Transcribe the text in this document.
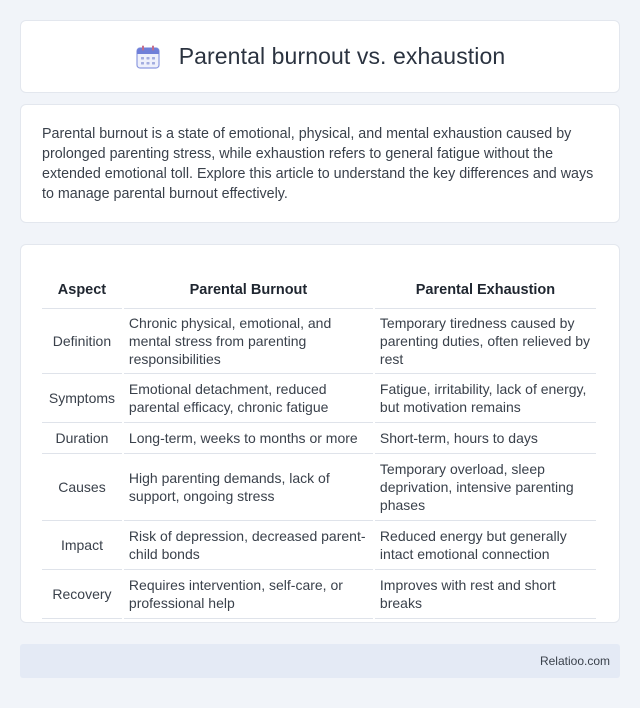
Parental burnout vs. exhaustion

Parental burnout is a state of emotional, physical, and mental exhaustion caused by prolonged parenting stress, while exhaustion refers to general fatigue without the extended emotional toll. Explore this article to understand the key differences and ways to manage parental burnout effectively.

Aspect	Parental Burnout	Parental Exhaustion
Definition	Chronic physical, emotional, and mental stress from parenting responsibilities	Temporary tiredness caused by parenting duties, often relieved by rest
Symptoms	Emotional detachment, reduced parental efficacy, chronic fatigue	Fatigue, irritability, lack of energy, but motivation remains
Duration	Long-term, weeks to months or more	Short-term, hours to days
Causes	High parenting demands, lack of support, ongoing stress	Temporary overload, sleep deprivation, intensive parenting phases
Impact	Risk of depression, decreased parent-child bonds	Reduced energy but generally intact emotional connection
Recovery	Requires intervention, self-care, or professional help	Improves with rest and short breaks
Relatioo.com
